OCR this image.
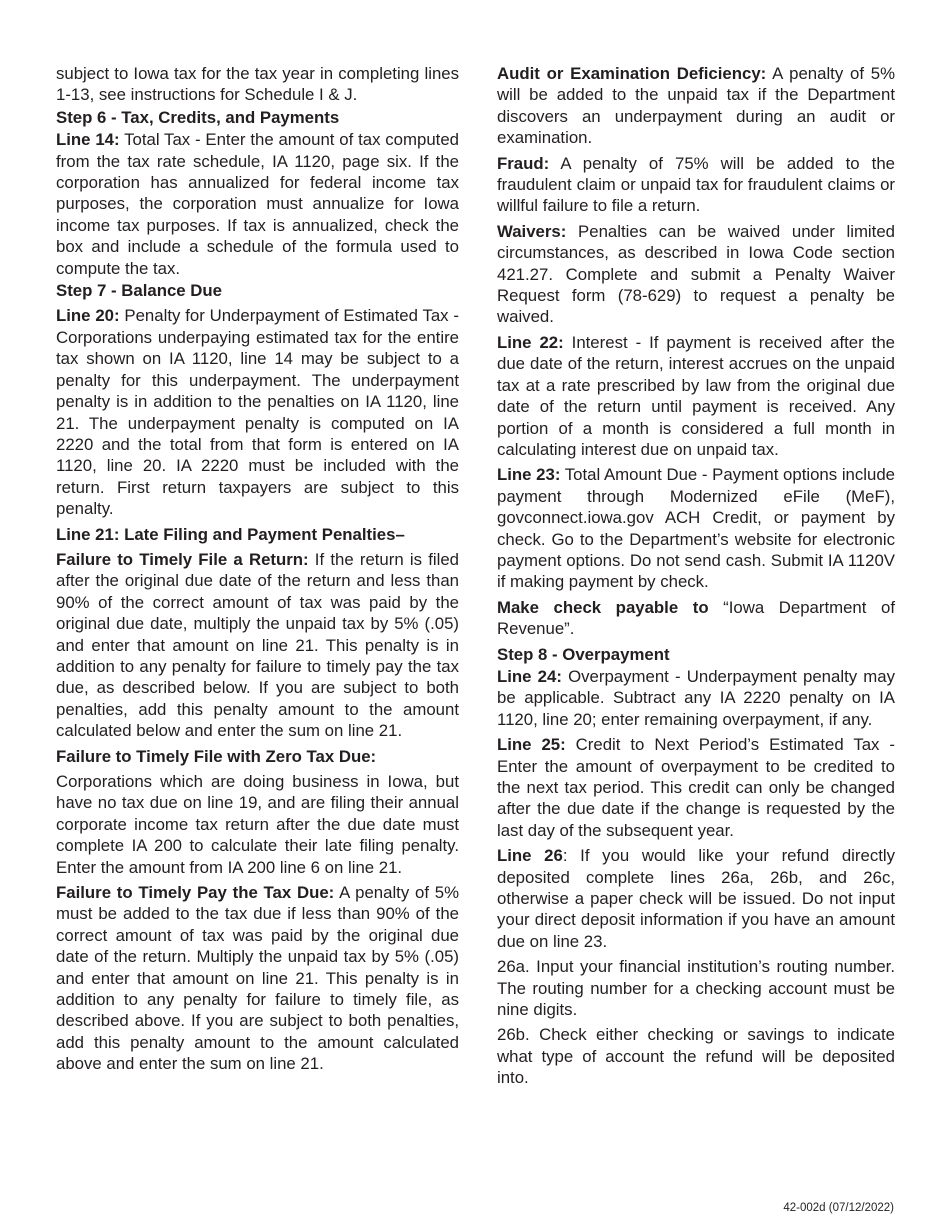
subject to Iowa tax for the tax year in completing lines 1-13, see instructions for Schedule I & J.

Step 6 - Tax, Credits, and Payments

Line 14: Total Tax - Enter the amount of tax computed from the tax rate schedule, IA 1120, page six. If the corporation has annualized for federal income tax purposes, the corporation must annualize for Iowa income tax purposes. If tax is annualized, check the box and include a schedule of the formula used to compute the tax.

Step 7 - Balance Due

Line 20: Penalty for Underpayment of Estimated Tax - Corporations underpaying estimated tax for the entire tax shown on IA 1120, line 14 may be subject to a penalty for this underpayment. The underpayment penalty is in addition to the penalties on IA 1120, line 21. The underpayment penalty is computed on IA 2220 and the total from that form is entered on IA 1120, line 20. IA 2220 must be included with the return. First return taxpayers are subject to this penalty.

Line 21: Late Filing and Payment Penalties–

Failure to Timely File a Return: If the return is filed after the original due date of the return and less than 90% of the correct amount of tax was paid by the original due date, multiply the unpaid tax by 5% (.05) and enter that amount on line 21. This penalty is in addition to any penalty for failure to timely pay the tax due, as described below. If you are subject to both penalties, add this penalty amount to the amount calculated below and enter the sum on line 21.

Failure to Timely File with Zero Tax Due:

Corporations which are doing business in Iowa, but have no tax due on line 19, and are filing their annual corporate income tax return after the due date must complete IA 200 to calculate their late filing penalty. Enter the amount from IA 200 line 6 on line 21.

Failure to Timely Pay the Tax Due: A penalty of 5% must be added to the tax due if less than 90% of the correct amount of tax was paid by the original due date of the return. Multiply the unpaid tax by 5% (.05) and enter that amount on line 21. This penalty is in addition to any penalty for failure to timely file, as described above. If you are subject to both penalties, add this penalty amount to the amount calculated above and enter the sum on line 21.

Audit or Examination Deficiency: A penalty of 5% will be added to the unpaid tax if the Department discovers an underpayment during an audit or examination.

Fraud: A penalty of 75% will be added to the fraudulent claim or unpaid tax for fraudulent claims or willful failure to file a return.

Waivers: Penalties can be waived under limited circumstances, as described in Iowa Code section 421.27. Complete and submit a Penalty Waiver Request form (78-629) to request a penalty be waived.

Line 22: Interest - If payment is received after the due date of the return, interest accrues on the unpaid tax at a rate prescribed by law from the original due date of the return until payment is received. Any portion of a month is considered a full month in calculating interest due on unpaid tax.

Line 23: Total Amount Due - Payment options include payment through Modernized eFile (MeF), govconnect.iowa.gov ACH Credit, or payment by check. Go to the Department’s website for electronic payment options. Do not send cash. Submit IA 1120V if making payment by check.

Make check payable to “Iowa Department of Revenue”.

Step 8 - Overpayment

Line 24: Overpayment - Underpayment penalty may be applicable. Subtract any IA 2220 penalty on IA 1120, line 20; enter remaining overpayment, if any.

Line 25: Credit to Next Period’s Estimated Tax - Enter the amount of overpayment to be credited to the next tax period. This credit can only be changed after the due date if the change is requested by the last day of the subsequent year.

Line 26: If you would like your refund directly deposited complete lines 26a, 26b, and 26c, otherwise a paper check will be issued. Do not input your direct deposit information if you have an amount due on line 23.

26a. Input your financial institution’s routing number. The routing number for a checking account must be nine digits.

26b. Check either checking or savings to indicate what type of account the refund will be deposited into.

42-002d (07/12/2022)
